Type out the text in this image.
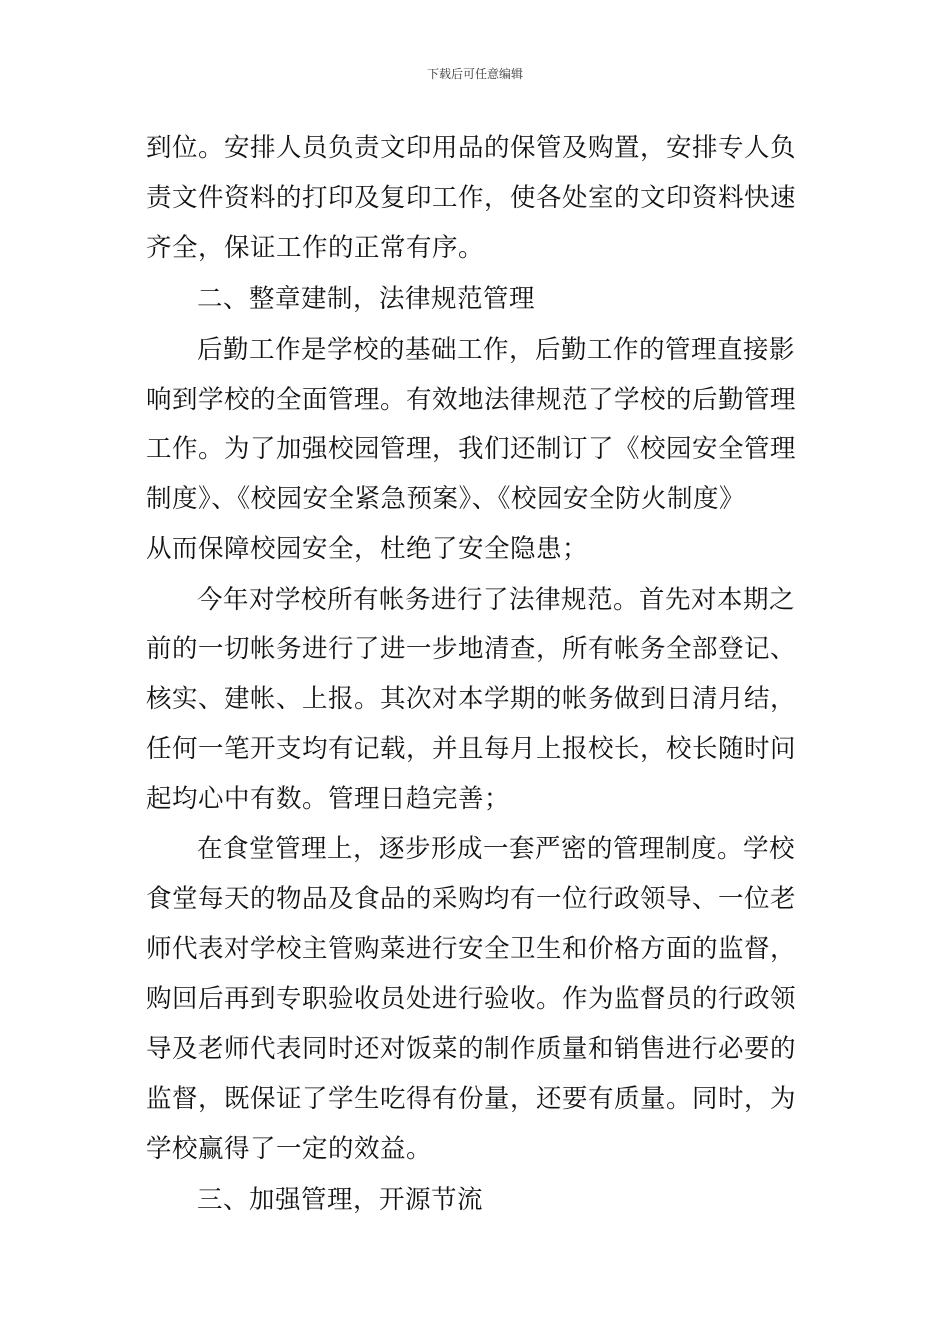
下载后可任意编辑
到位。安排人员负责文印用品的保管及购置，安排专人负
责文件资料的打印及复印工作，使各处室的文印资料快速
齐全，保证工作的正常有序。
二、整章建制，法律规范管理
后勤工作是学校的基础工作，后勤工作的管理直接影
响到学校的全面管理。有效地法律规范了学校的后勤管理
工作。为了加强校园管理，我们还制订了《校园安全管理
制度》、《校园安全紧急预案》、《校园安全防火制度》
从而保障校园安全，杜绝了安全隐患；
今年对学校所有帐务进行了法律规范。首先对本期之
前的一切帐务进行了进一步地清查，所有帐务全部登记、
核实、建帐、上报。其次对本学期的帐务做到日清月结，
任何一笔开支均有记载，并且每月上报校长，校长随时问
起均心中有数。管理日趋完善；
在食堂管理上，逐步形成一套严密的管理制度。学校
食堂每天的物品及食品的采购均有一位行政领导、一位老
师代表对学校主管购菜进行安全卫生和价格方面的监督，
购回后再到专职验收员处进行验收。作为监督员的行政领
导及老师代表同时还对饭菜的制作质量和销售进行必要的
监督，既保证了学生吃得有份量，还要有质量。同时，为
学校赢得了一定的效益。
三、加强管理，开源节流
